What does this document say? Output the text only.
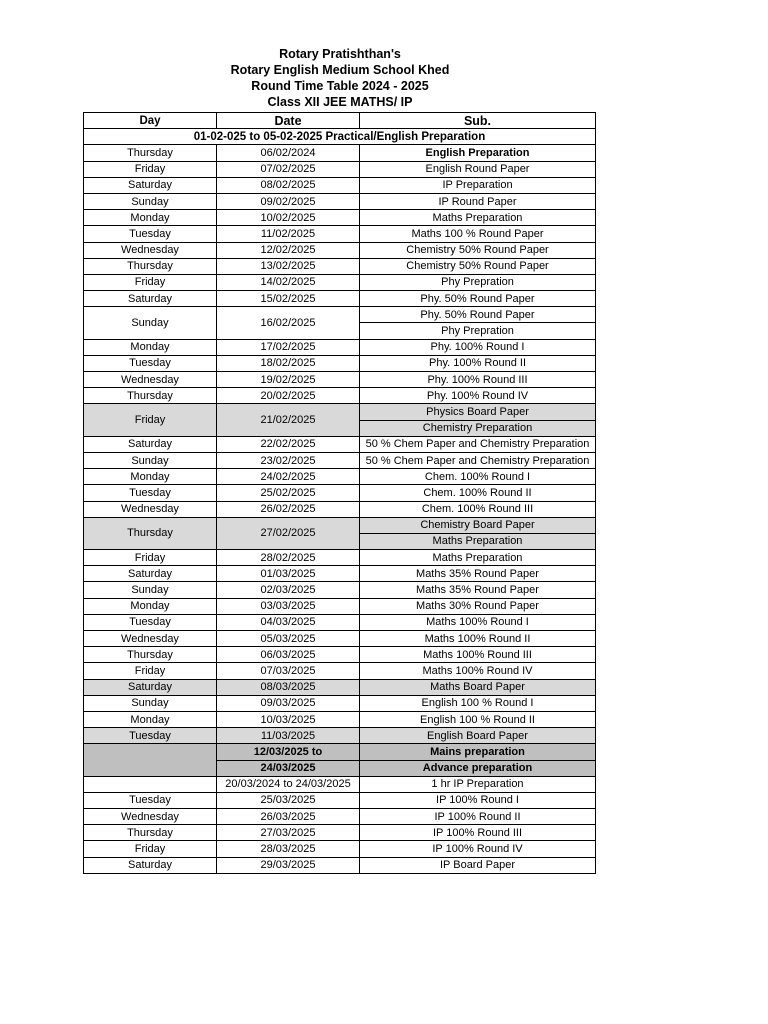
Rotary Pratishthan's
Rotary English Medium School Khed
Round Time Table 2024 - 2025
Class XII JEE MATHS/ IP
Day	Date	Sub.
01-02-025 to 05-02-2025 Practical/English Preparation		
Thursday	06/02/2024	English Preparation
Friday	07/02/2025	English Round Paper
Saturday	08/02/2025	IP Preparation
Sunday	09/02/2025	IP Round Paper
Monday	10/02/2025	Maths Preparation
Tuesday	11/02/2025	Maths 100 % Round Paper
Wednesday	12/02/2025	Chemistry 50% Round Paper
Thursday	13/02/2025	Chemistry 50% Round Paper
Friday	14/02/2025	Phy Prepration
Saturday	15/02/2025	Phy. 50% Round Paper
Sunday	16/02/2025	Phy. 50% Round Paper
		Phy Prepration
Monday	17/02/2025	Phy. 100% Round I
Tuesday	18/02/2025	Phy. 100% Round II
Wednesday	19/02/2025	Phy. 100% Round III
Thursday	20/02/2025	Phy. 100% Round IV
Friday	21/02/2025	Physics Board Paper
		Chemistry Preparation
Saturday	22/02/2025	50 % Chem Paper and Chemistry Preparation
Sunday	23/02/2025	50 % Chem Paper and Chemistry Preparation
Monday	24/02/2025	Chem. 100% Round I
Tuesday	25/02/2025	Chem. 100% Round II
Wednesday	26/02/2025	Chem. 100% Round III
Thursday	27/02/2025	Chemistry Board Paper
		Maths Preparation
Friday	28/02/2025	Maths Preparation
Saturday	01/03/2025	Maths 35% Round Paper
Sunday	02/03/2025	Maths 35% Round Paper
Monday	03/03/2025	Maths 30% Round Paper
Tuesday	04/03/2025	Maths 100% Round I
Wednesday	05/03/2025	Maths 100% Round II
Thursday	06/03/2025	Maths 100% Round III
Friday	07/03/2025	Maths 100% Round IV
Saturday	08/03/2025	Maths Board Paper
Sunday	09/03/2025	English 100 % Round I
Monday	10/03/2025	English 100 % Round II
Tuesday	11/03/2025	English Board Paper
	12/03/2025 to	Mains preparation
	24/03/2025	Advance preparation
	20/03/2024 to 24/03/2025	1 hr IP Preparation
Tuesday	25/03/2025	IP 100% Round I
Wednesday	26/03/2025	IP 100% Round II
Thursday	27/03/2025	IP 100% Round III
Friday	28/03/2025	IP 100% Round IV
Saturday	29/03/2025	IP Board Paper
